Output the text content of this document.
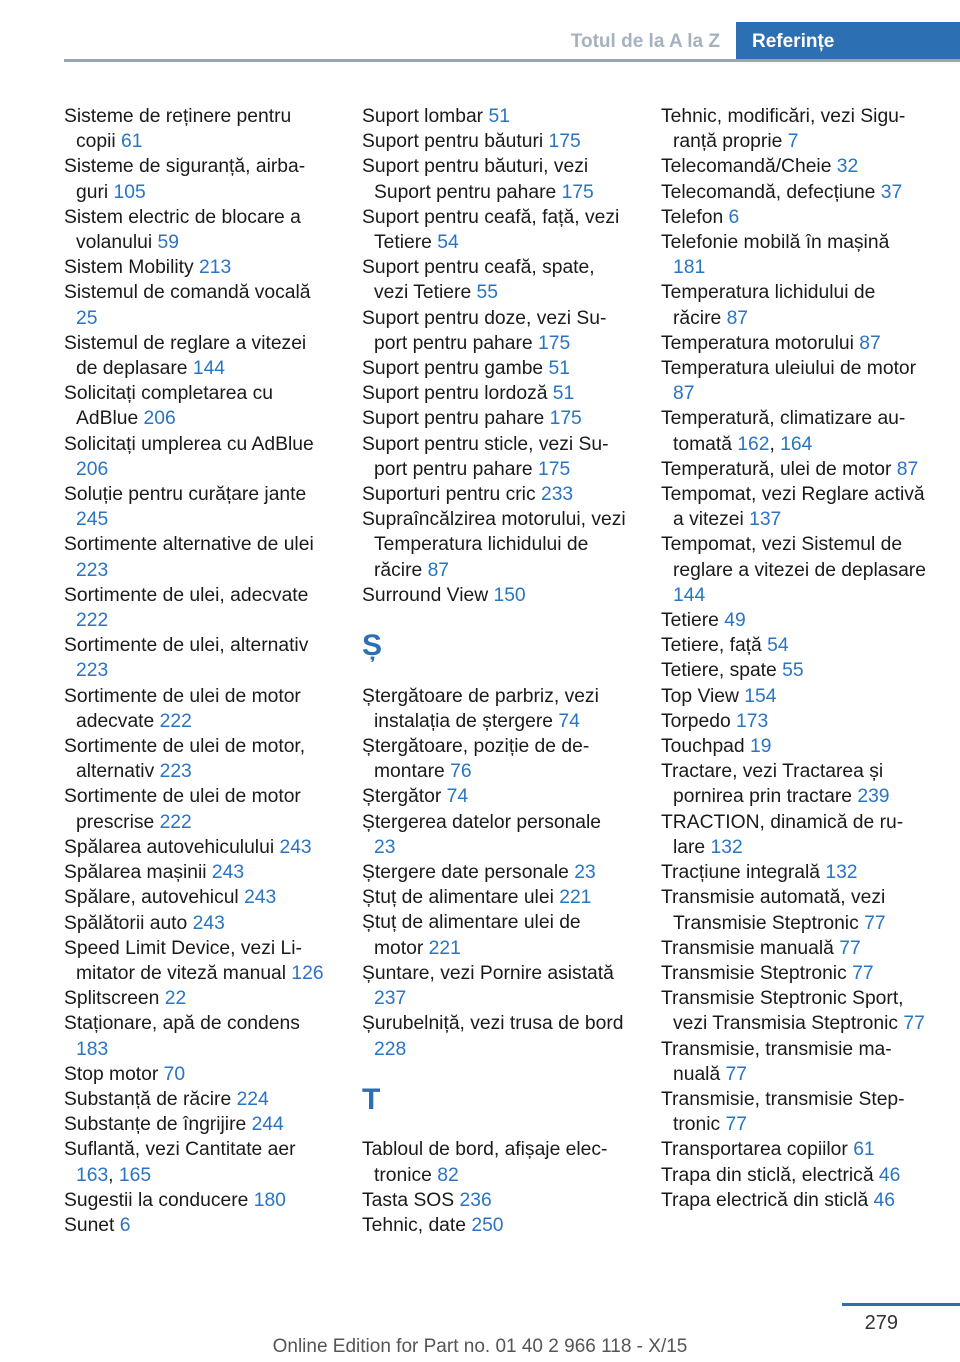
Totul de la A la Z	Referințe
Sisteme de reținere pentru copii 61
Sisteme de siguranță, airbaguri 105
Sistem electric de blocare a volanului 59
Sistem Mobility 213
Sistemul de comandă vocală 25
Sistemul de reglare a vitezei de deplasare 144
Solicitați completarea cu AdBlue 206
Solicitați umplerea cu AdBlue 206
Soluție pentru curățare jante 245
Sortimente alternative de ulei 223
Sortimente de ulei, adecvate 222
Sortimente de ulei, alternativ 223
Sortimente de ulei de motor adecvate 222
Sortimente de ulei de motor, alternativ 223
Sortimente de ulei de motor prescrise 222
Spălarea autovehiculului 243
Spălarea mașinii 243
Spălare, autovehicul 243
Spălătorii auto 243
Speed Limit Device, vezi Limitator de viteză manual 126
Splitscreen 22
Staționare, apă de condens 183
Stop motor 70
Substanță de răcire 224
Substanțe de îngrijire 244
Suflantă, vezi Cantitate aer 163, 165
Sugestii la conducere 180
Sunet 6
Suport lombar 51
Suport pentru băuturi 175
Suport pentru băuturi, vezi Suport pentru pahare 175
Suport pentru ceafă, față, vezi Tetiere 54
Suport pentru ceafă, spate, vezi Tetiere 55
Suport pentru doze, vezi Suport pentru pahare 175
Suport pentru gambe 51
Suport pentru lordoză 51
Suport pentru pahare 175
Suport pentru sticle, vezi Suport pentru pahare 175
Suporturi pentru cric 233
Supraîncălzirea motorului, vezi Temperatura lichidului de răcire 87
Surround View 150
Ș
Ștergătoare de parbriz, vezi instalația de ștergere 74
Ștergătoare, poziție de demontare 76
Ștergător 74
Ștergerea datelor personale 23
Ștergere date personale 23
Ștuț de alimentare ulei 221
Ștuț de alimentare ulei de motor 221
Șuntare, vezi Pornire asistată 237
Șurubelniță, vezi trusa de bord 228
T
Tabloul de bord, afișaje electronice 82
Tasta SOS 236
Tehnic, date 250
Tehnic, modificări, vezi Siguranță proprie 7
Telecomandă/Cheie 32
Telecomandă, defecțiune 37
Telefon 6
Telefonie mobilă în mașină 181
Temperatura lichidului de răcire 87
Temperatura motorului 87
Temperatura uleiului de motor 87
Temperatură, climatizare automată 162, 164
Temperatură, ulei de motor 87
Tempomat, vezi Reglare activă a vitezei 137
Tempomat, vezi Sistemul de reglare a vitezei de deplasare 144
Tetiere 49
Tetiere, față 54
Tetiere, spate 55
Top View 154
Torpedo 173
Touchpad 19
Tractare, vezi Tractarea și pornirea prin tractare 239
TRACTION, dinamică de rulare 132
Tracțiune integrală 132
Transmisie automată, vezi Transmisie Steptronic 77
Transmisie manuală 77
Transmisie Steptronic 77
Transmisie Steptronic Sport, vezi Transmisia Steptronic 77
Transmisie, transmisie manuală 77
Transmisie, transmisie Steptronic 77
Transportarea copiilor 61
Trapa din sticlă, electrică 46
Trapa electrică din sticlă 46
279
Online Edition for Part no. 01 40 2 966 118 - X/15
